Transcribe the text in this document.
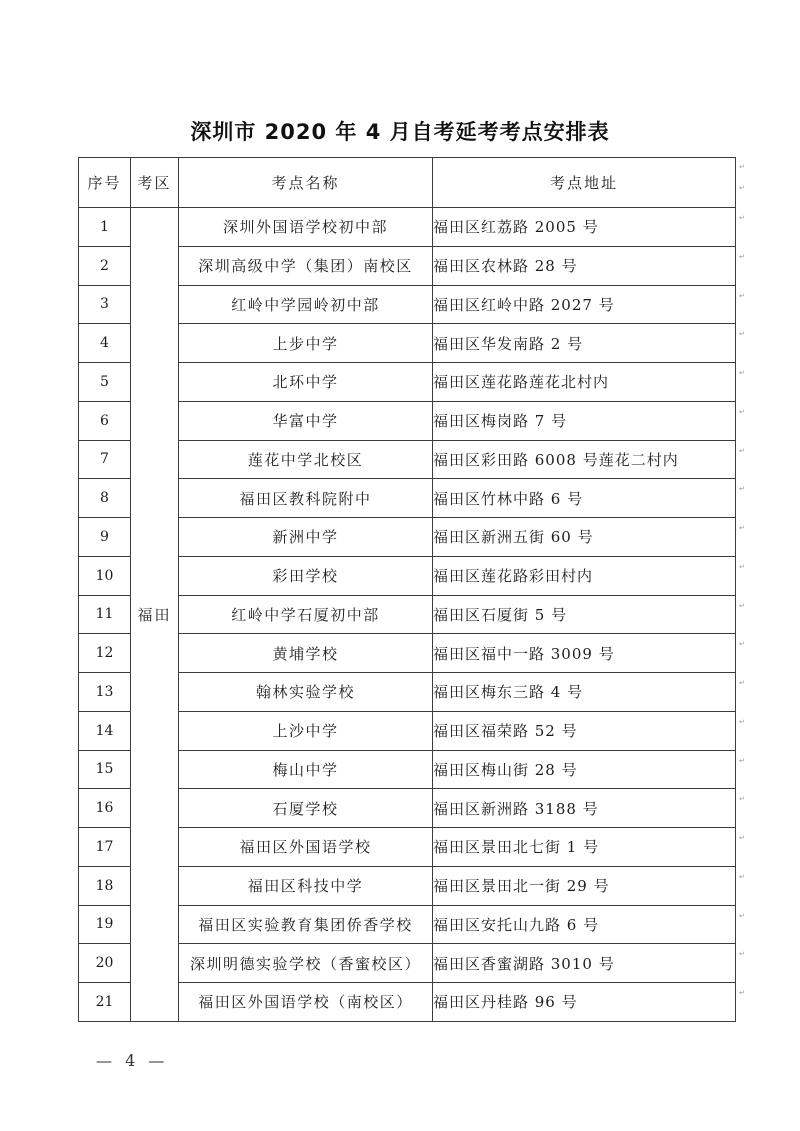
深圳市 2020 年 4 月自考延考考点安排表
序号	考区	考点名称	考点地址
1	福田	深圳外国语学校初中部	福田区红荔路 2005 号
2		深圳高级中学（集团）南校区	福田区农林路 28 号
3		红岭中学园岭初中部	福田区红岭中路 2027 号
4		上步中学	福田区华发南路 2 号
5		北环中学	福田区莲花路莲花北村内
6		华富中学	福田区梅岗路 7 号
7		莲花中学北校区	福田区彩田路 6008 号莲花二村内
8		福田区教科院附中	福田区竹林中路 6 号
9		新洲中学	福田区新洲五街 60 号
10		彩田学校	福田区莲花路彩田村内
11		红岭中学石厦初中部	福田区石厦街 5 号
12		黄埔学校	福田区福中一路 3009 号
13		翰林实验学校	福田区梅东三路 4 号
14		上沙中学	福田区福荣路 52 号
15		梅山中学	福田区梅山街 28 号
16		石厦学校	福田区新洲路 3188 号
17		福田区外国语学校	福田区景田北七街 1 号
18		福田区科技中学	福田区景田北一街 29 号
19		福田区实验教育集团侨香学校	福田区安托山九路 6 号
20		深圳明德实验学校（香蜜校区）	福田区香蜜湖路 3010 号
21		福田区外国语学校（南校区）	福田区丹桂路 96 号
↵
↵
↵
↵
↵
↵
↵
↵
↵
↵
↵
↵
↵
↵
↵
↵
↵
↵
↵
↵
↵
↵
↵
— 4 —
